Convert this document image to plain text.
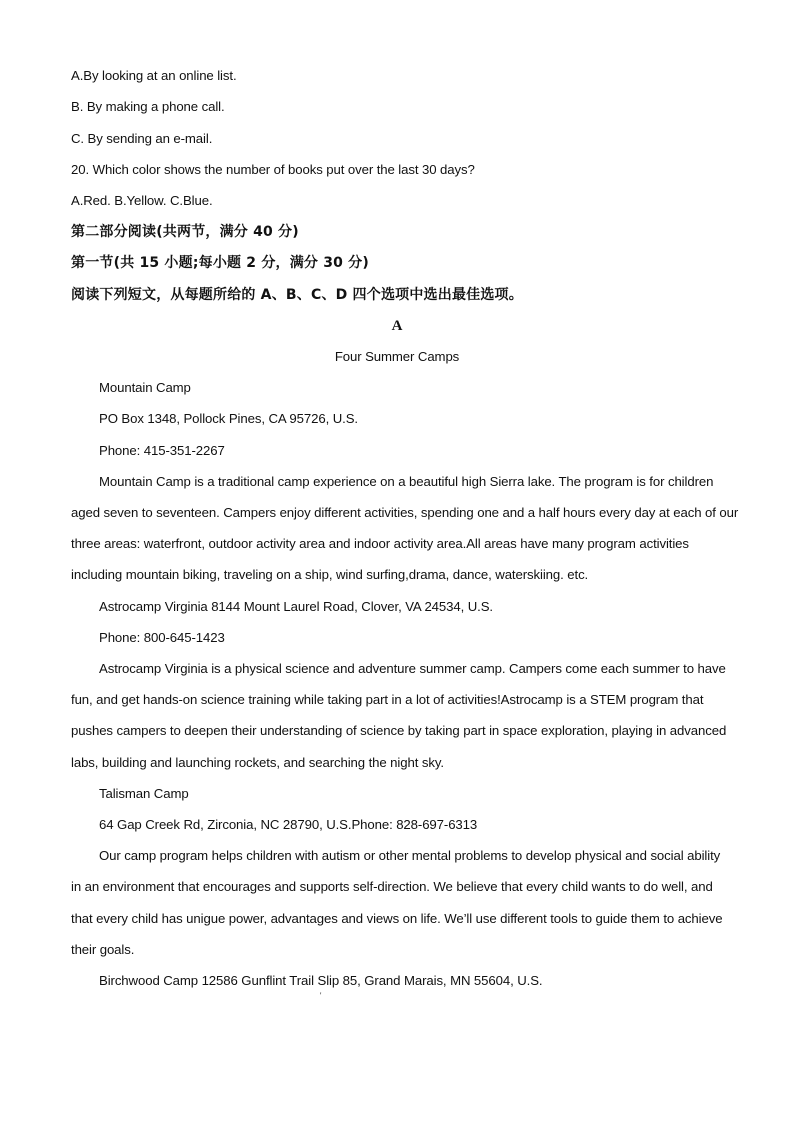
A.By looking at an online list.
B. By making a phone call.
C. By sending an e-mail.
20. Which color shows the number of books put over the last 30 days?
A.Red. B.Yellow. C.Blue.
第二部分阅读(共两节，满分 40 分)
第一节(共 15 小题;每小题 2 分，满分 30 分)
阅读下列短文，从每题所给的 A、B、C、D 四个选项中选出最佳选项。
A
Four Summer Camps
Mountain Camp
PO Box 1348, Pollock Pines, CA 95726, U.S.
Phone: 415-351-2267
Mountain Camp is a traditional camp experience on a beautiful high Sierra lake. The program is for children
aged seven to seventeen. Campers enjoy different activities, spending one and a half hours every day at each of our
three areas: waterfront, outdoor activity area and indoor activity area.All areas have many program activities
including mountain biking, traveling on a ship, wind surfing,drama, dance, waterskiing. etc.
Astrocamp Virginia 8144 Mount Laurel Road, Clover, VA 24534, U.S.
Phone: 800-645-1423
Astrocamp Virginia is a physical science and adventure summer camp. Campers come each summer to have
fun, and get hands-on science training while taking part in a lot of activities!Astrocamp is a STEM program that
pushes campers to deepen their understanding of science by taking part in space exploration, playing in advanced
labs, building and launching rockets, and searching the night sky.
Talisman Camp
64 Gap Creek Rd, Zirconia, NC 28790, U.S.Phone: 828-697-6313
Our camp program helps children with autism or other mental problems to develop physical and social ability
in an environment that encourages and supports self-direction. We believe that every child wants to do well, and
that every child has unigue power, advantages and views on life. We’ll use different tools to guide them to achieve
their goals.
Birchwood Camp 12586 Gunflint Trail Slip 85, Grand Marais, MN 55604, U.S.
'
